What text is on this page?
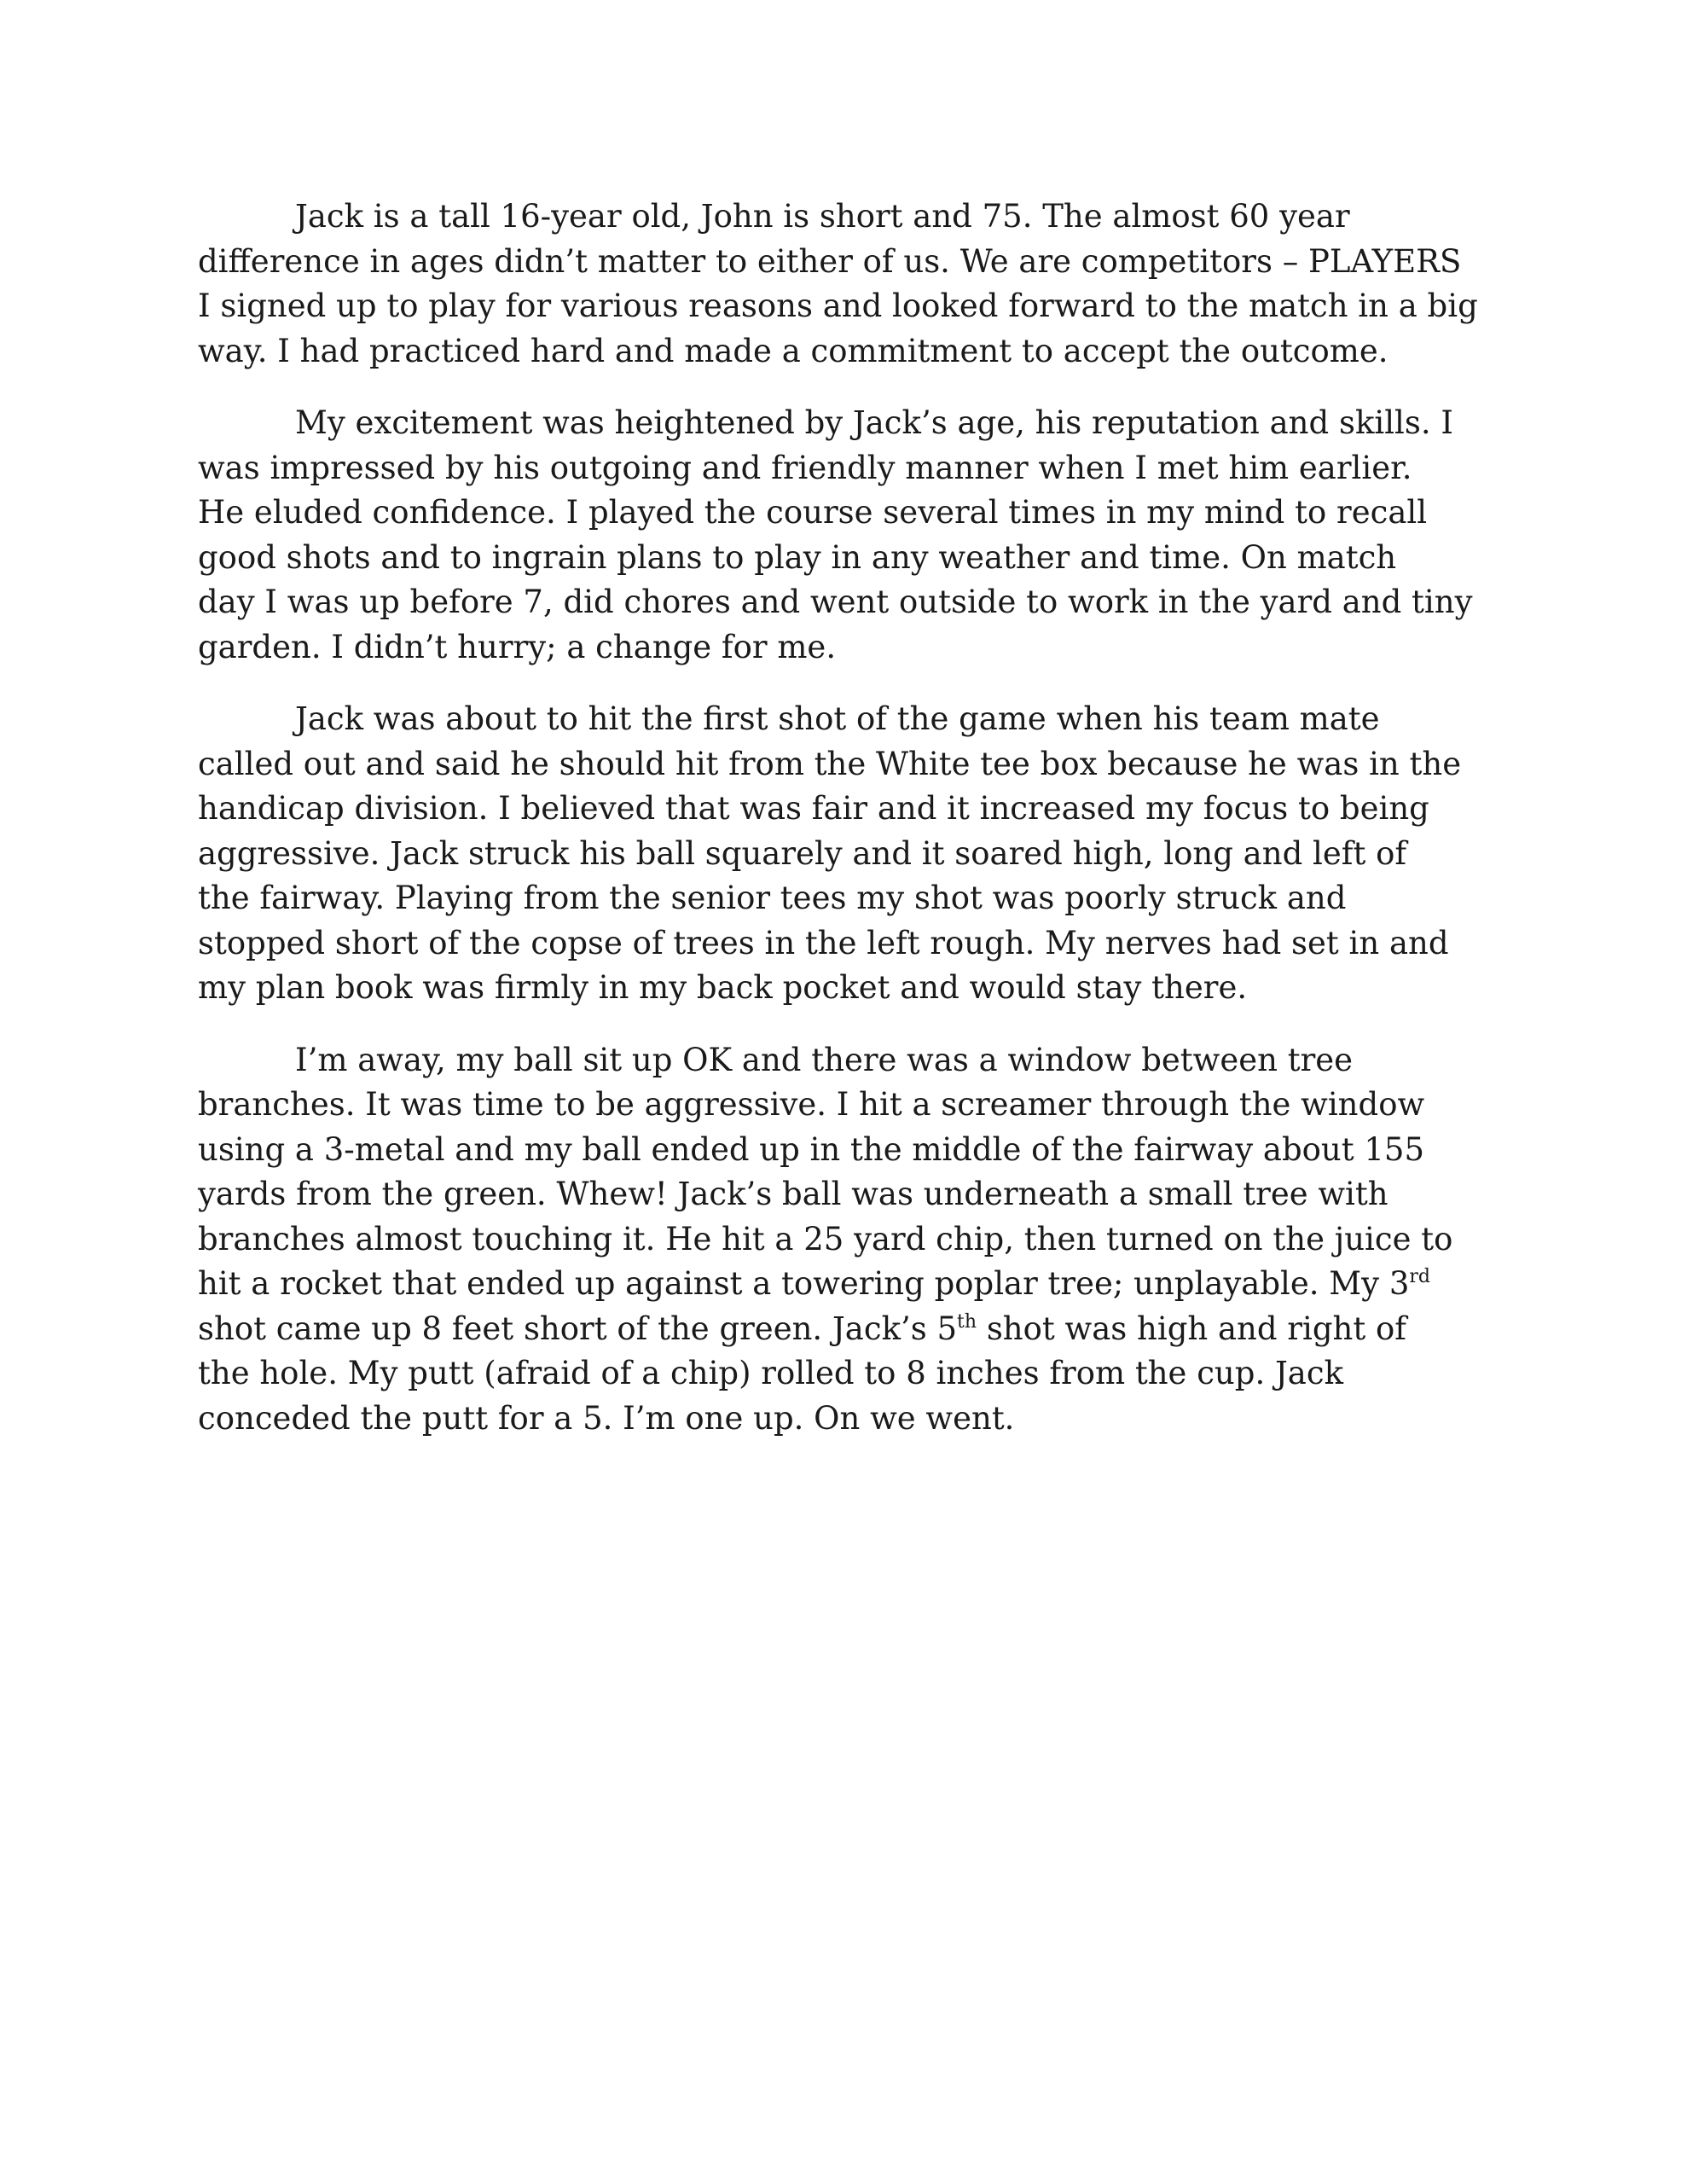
Jack is a tall 16-year old, John is short and 75. The almost 60 year
difference in ages didn’t matter to either of us. We are competitors – PLAYERS
I signed up to play for various reasons and looked forward to the match in a big
way. I had practiced hard and made a commitment to accept the outcome.

My excitement was heightened by Jack’s age, his reputation and skills. I
was impressed by his outgoing and friendly manner when I met him earlier.
He eluded confidence. I played the course several times in my mind to recall
good shots and to ingrain plans to play in any weather and time. On match
day I was up before 7, did chores and went outside to work in the yard and tiny
garden. I didn’t hurry; a change for me.

Jack was about to hit the first shot of the game when his team mate
called out and said he should hit from the White tee box because he was in the
handicap division. I believed that was fair and it increased my focus to being
aggressive. Jack struck his ball squarely and it soared high, long and left of
the fairway. Playing from the senior tees my shot was poorly struck and
stopped short of the copse of trees in the left rough. My nerves had set in and
my plan book was firmly in my back pocket and would stay there.

I’m away, my ball sit up OK and there was a window between tree
branches. It was time to be aggressive. I hit a screamer through the window
using a 3-metal and my ball ended up in the middle of the fairway about 155
yards from the green. Whew! Jack’s ball was underneath a small tree with
branches almost touching it. He hit a 25 yard chip, then turned on the juice to
hit a rocket that ended up against a towering poplar tree; unplayable. My 3rd
shot came up 8 feet short of the green. Jack’s 5th shot was high and right of
the hole. My putt (afraid of a chip) rolled to 8 inches from the cup. Jack
conceded the putt for a 5. I’m one up. On we went.
